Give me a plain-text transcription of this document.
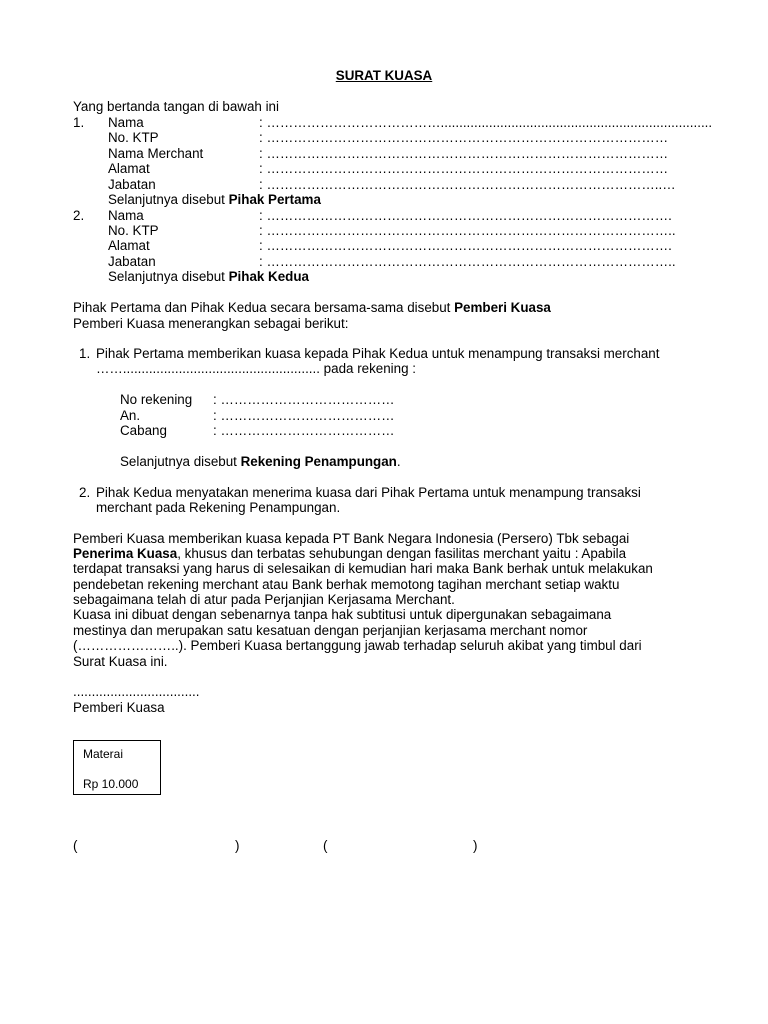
SURAT KUASA
Yang bertanda tangan di bawah ini
1. Nama	: ………………………………….........................................................................
No. KTP	: ………………………………………………………………………………
Nama Merchant	: ………………………………………………………………………………
Alamat	: ………………………………………………………………………………
Jabatan	: ……………………………………………………………………………..…
Selanjutnya disebut Pihak Pertama
2. Nama	: ……………………………………………………………………………….
No. KTP	: ………………………………………………………………………………..
Alamat	: ……………………………………………………………………………….
Jabatan	: ………………………………………………………………………………..
Selanjutnya disebut Pihak Kedua
Pihak Pertama dan Pihak Kedua secara bersama-sama disebut Pemberi Kuasa
Pemberi Kuasa menerangkan sebagai berikut:
1. Pihak Pertama memberikan kuasa kepada Pihak Kedua untuk menampung transaksi merchant
……..................................................... pada rekening :
No rekening : …………………………………
An.	: …………………………………
Cabang	: …………………………………
Selanjutnya disebut Rekening Penampungan.
2. Pihak Kedua menyatakan menerima kuasa dari Pihak Pertama untuk menampung transaksi
merchant pada Rekening Penampungan.
Pemberi Kuasa memberikan kuasa kepada PT Bank Negara Indonesia (Persero) Tbk sebagai
Penerima Kuasa, khusus dan terbatas sehubungan dengan fasilitas merchant yaitu : Apabila
terdapat transaksi yang harus di selesaikan di kemudian hari maka Bank berhak untuk melakukan
pendebetan rekening merchant atau Bank berhak memotong tagihan merchant setiap waktu
sebagaimana telah di atur pada Perjanjian Kerjasama Merchant.
Kuasa ini dibuat dengan sebenarnya tanpa hak subtitusi untuk dipergunakan sebagaimana
mestinya dan merupakan satu kesatuan dengan perjanjian kerjasama merchant nomor
(…………………..). Pemberi Kuasa bertanggung jawab terhadap seluruh akibat yang timbul dari
Surat Kuasa ini.
..................................
Pemberi Kuasa
Materai
Rp 10.000
(	)	(	)
